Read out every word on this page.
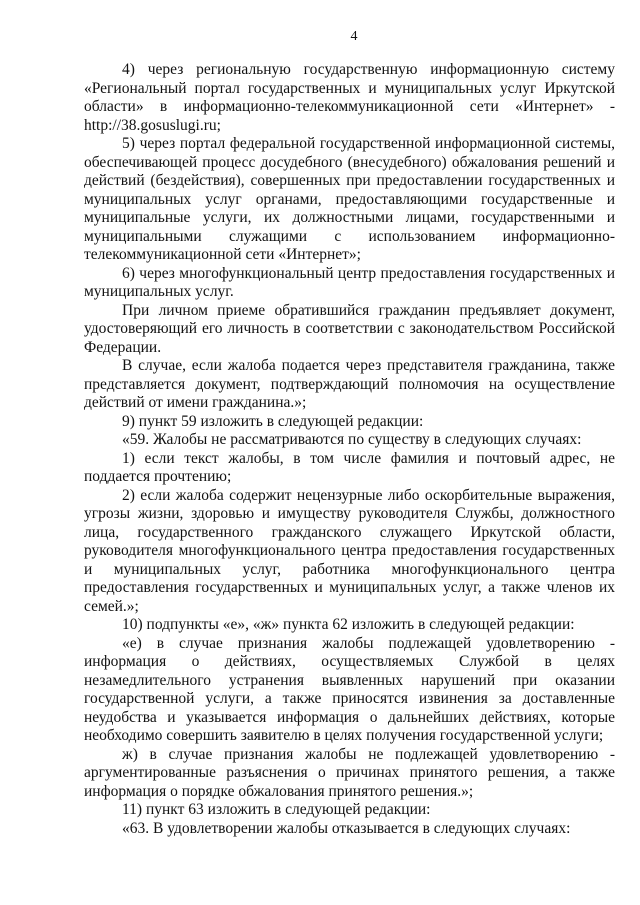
4

4) через региональную государственную информационную систему «Региональный портал государственных и муниципальных услуг Иркутской области» в информационно-телекоммуникационной сети «Интернет» - http://38.gosuslugi.ru;

5) через портал федеральной государственной информационной системы, обеспечивающей процесс досудебного (внесудебного) обжалования решений и действий (бездействия), совершенных при предоставлении государственных и муниципальных услуг органами, предоставляющими государственные и муниципальные услуги, их должностными лицами, государственными и муниципальными служащими с использованием информационно-телекоммуникационной сети «Интернет»;

6) через многофункциональный центр предоставления государственных и муниципальных услуг.

При личном приеме обратившийся гражданин предъявляет документ, удостоверяющий его личность в соответствии с законодательством Российской Федерации.

В случае, если жалоба подается через представителя гражданина, также представляется документ, подтверждающий полномочия на осуществление действий от имени гражданина.»;

9) пункт 59 изложить в следующей редакции:

«59. Жалобы не рассматриваются по существу в следующих случаях:

1) если текст жалобы, в том числе фамилия и почтовый адрес, не поддается прочтению;

2) если жалоба содержит нецензурные либо оскорбительные выражения, угрозы жизни, здоровью и имуществу руководителя Службы, должностного лица, государственного гражданского служащего Иркутской области, руководителя многофункционального центра предоставления государственных и муниципальных услуг, работника многофункционального центра предоставления государственных и муниципальных услуг, а также членов их семей.»;

10) подпункты «е», «ж» пункта 62 изложить в следующей редакции:

«е) в случае признания жалобы подлежащей удовлетворению - информация о действиях, осуществляемых Службой в целях незамедлительного устранения выявленных нарушений при оказании государственной услуги, а также приносятся извинения за доставленные неудобства и указывается информация о дальнейших действиях, которые необходимо совершить заявителю в целях получения государственной услуги;

ж) в случае признания жалобы не подлежащей удовлетворению - аргументированные разъяснения о причинах принятого решения, а также информация о порядке обжалования принятого решения.»;

11) пункт 63 изложить в следующей редакции:

«63. В удовлетворении жалобы отказывается в следующих случаях:
